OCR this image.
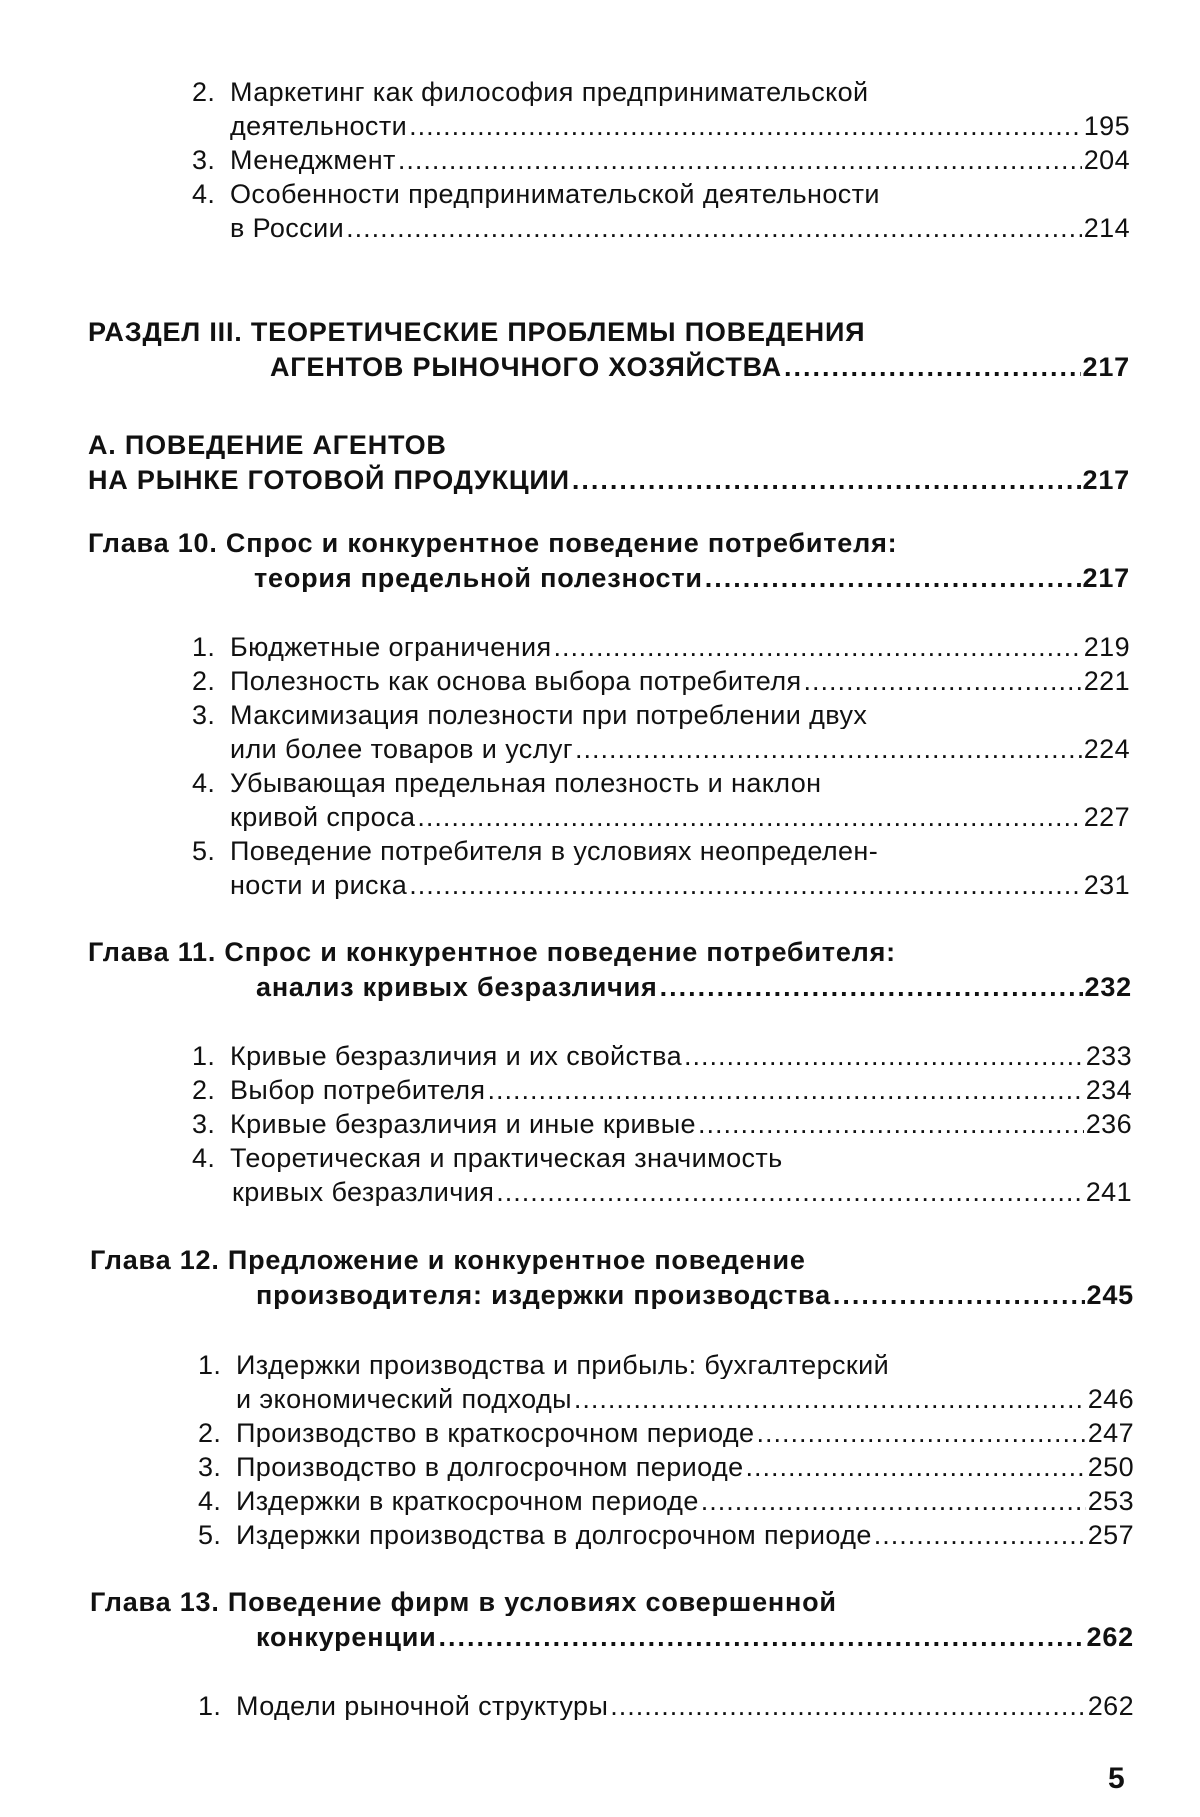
2. Маркетинг как философия предпринимательской
деятельности .....	195
3. Менеджмент .....	204
4. Особенности предпринимательской деятельности
в России .....	214
РАЗДЕЛ III. ТЕОРЕТИЧЕСКИЕ ПРОБЛЕМЫ ПОВЕДЕНИЯ
АГЕНТОВ РЫНОЧНОГО ХОЗЯЙСТВА .....	217
А. ПОВЕДЕНИЕ АГЕНТОВ
НА РЫНКЕ ГОТОВОЙ ПРОДУКЦИИ .....	217
Глава 10. Спрос и конкурентное поведение потребителя:
теория предельной полезности .....	217
1. Бюджетные ограничения .....	219
2. Полезность как основа выбора потребителя .....	221
3. Максимизация полезности при потреблении двух
или более товаров и услуг .....	224
4. Убывающая предельная полезность и наклон
кривой спроса .....	227
5. Поведение потребителя в условиях неопределен-
ности и риска .....	231
Глава 11. Спрос и конкурентное поведение потребителя:
анализ кривых безразличия .....	232
1. Кривые безразличия и их свойства .....	233
2. Выбор потребителя .....	234
3. Кривые безразличия и иные кривые .....	236
4. Теоретическая и практическая значимость
кривых безразличия .....	241
Глава 12. Предложение и конкурентное поведение
производителя: издержки производства .....	245
1. Издержки производства и прибыль: бухгалтерский
и экономический подходы .....	246
2. Производство в краткосрочном периоде .....	247
3. Производство в долгосрочном периоде .....	250
4. Издержки в краткосрочном периоде .....	253
5. Издержки производства в долгосрочном периоде .....	257
Глава 13. Поведение фирм в условиях совершенной
конкуренции .....	262
1. Модели рыночной структуры .....	262
5
